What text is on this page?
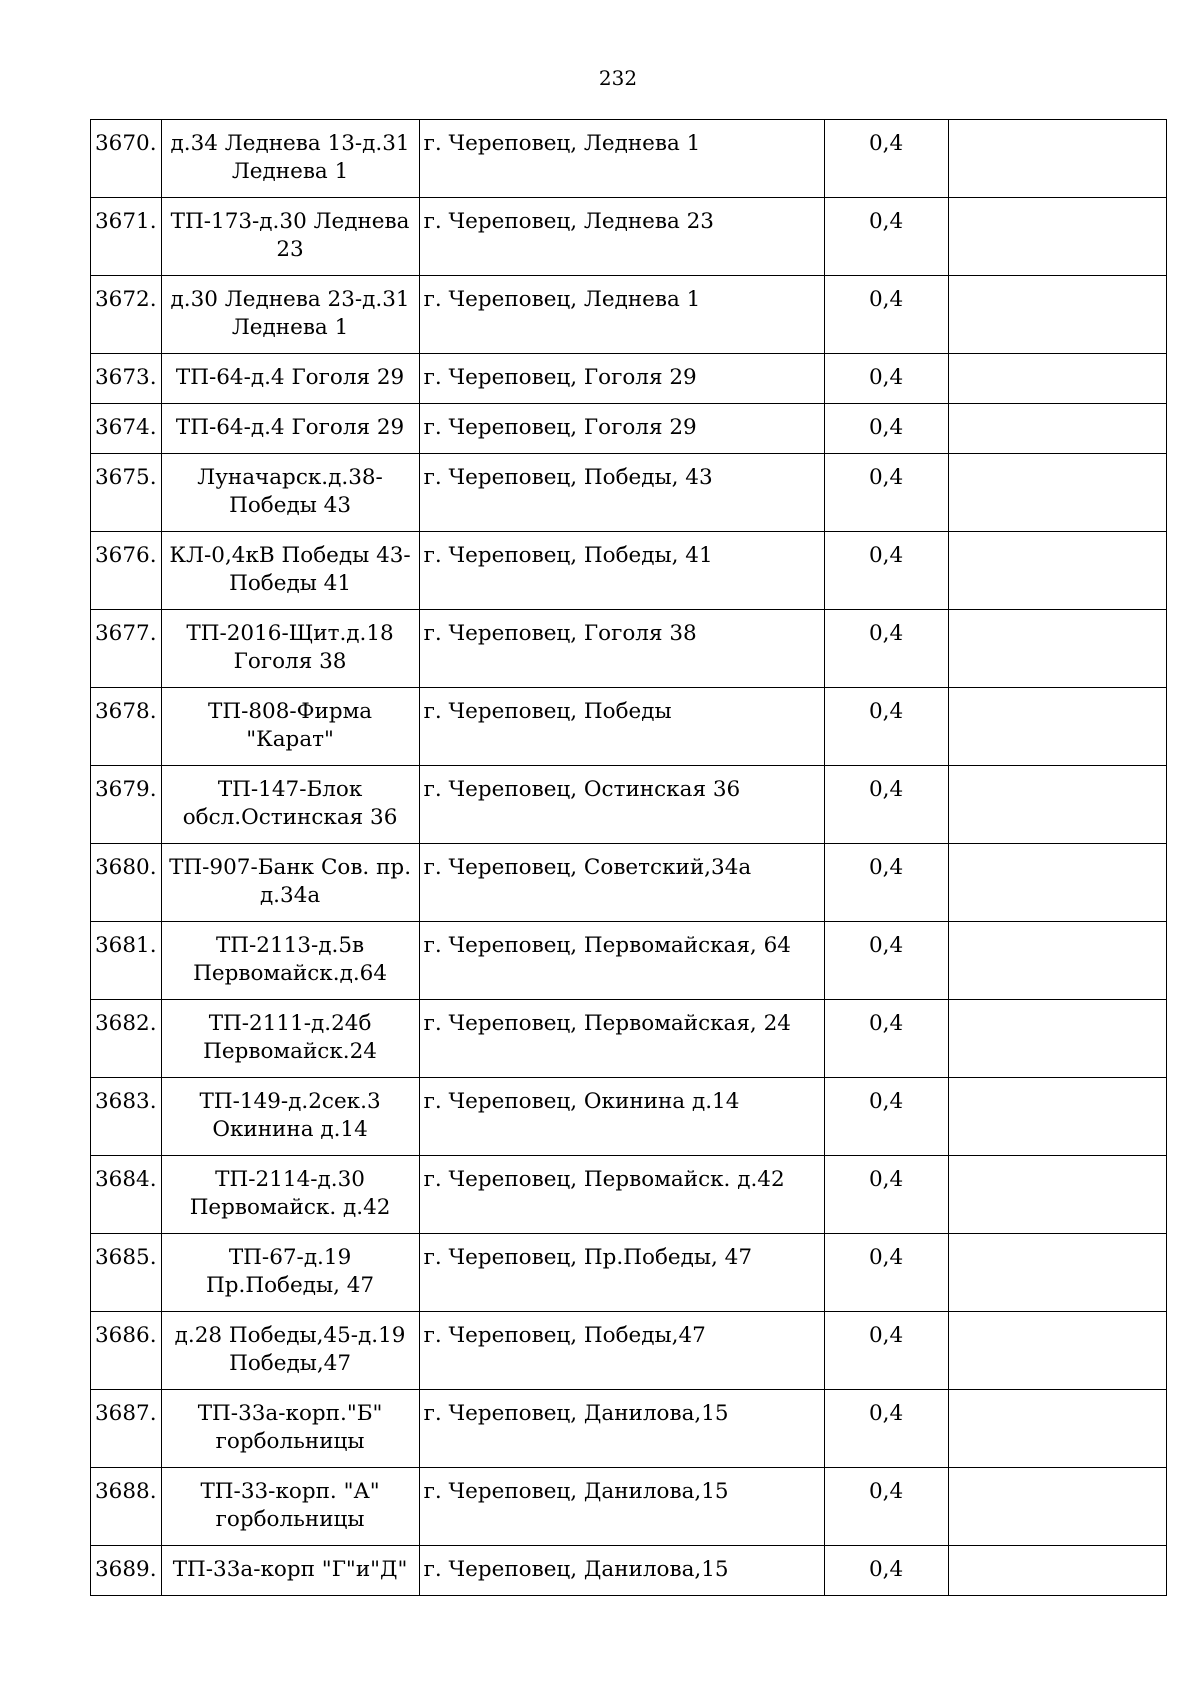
232
3670.	д.34 Леднева 13-д.31 Леднева 1	г. Череповец, Леднева 1	0,4	
3671.	ТП-173-д.30 Леднева 23	г. Череповец, Леднева 23	0,4	
3672.	д.30 Леднева 23-д.31 Леднева 1	г. Череповец, Леднева 1	0,4	
3673.	ТП-64-д.4 Гоголя 29	г. Череповец, Гоголя 29	0,4	
3674.	ТП-64-д.4 Гоголя 29	г. Череповец, Гоголя 29	0,4	
3675.	Луначарск.д.38-Победы 43	г. Череповец, Победы, 43	0,4	
3676.	КЛ-0,4кВ Победы 43-Победы 41	г. Череповец, Победы, 41	0,4	
3677.	ТП-2016-Щит.д.18 Гоголя 38	г. Череповец, Гоголя 38	0,4	
3678.	ТП-808-Фирма "Карат"	г. Череповец, Победы	0,4	
3679.	ТП-147-Блок обсл.Остинская 36	г. Череповец, Остинская 36	0,4	
3680.	ТП-907-Банк Сов. пр. д.34а	г. Череповец, Советский,34а	0,4	
3681.	ТП-2113-д.5в Первомайск.д.64	г. Череповец, Первомайская, 64	0,4	
3682.	ТП-2111-д.24б Первомайск.24	г. Череповец, Первомайская, 24	0,4	
3683.	ТП-149-д.2сек.3 Окинина д.14	г. Череповец, Окинина д.14	0,4	
3684.	ТП-2114-д.30 Первомайск. д.42	г. Череповец, Первомайск. д.42	0,4	
3685.	ТП-67-д.19 Пр.Победы, 47	г. Череповец, Пр.Победы, 47	0,4	
3686.	д.28 Победы,45-д.19 Победы,47	г. Череповец, Победы,47	0,4	
3687.	ТП-33а-корп."Б" горбольницы	г. Череповец, Данилова,15	0,4	
3688.	ТП-33-корп. "А" горбольницы	г. Череповец, Данилова,15	0,4	
3689.	ТП-33а-корп "Г"и"Д"	г. Череповец, Данилова,15	0,4	
